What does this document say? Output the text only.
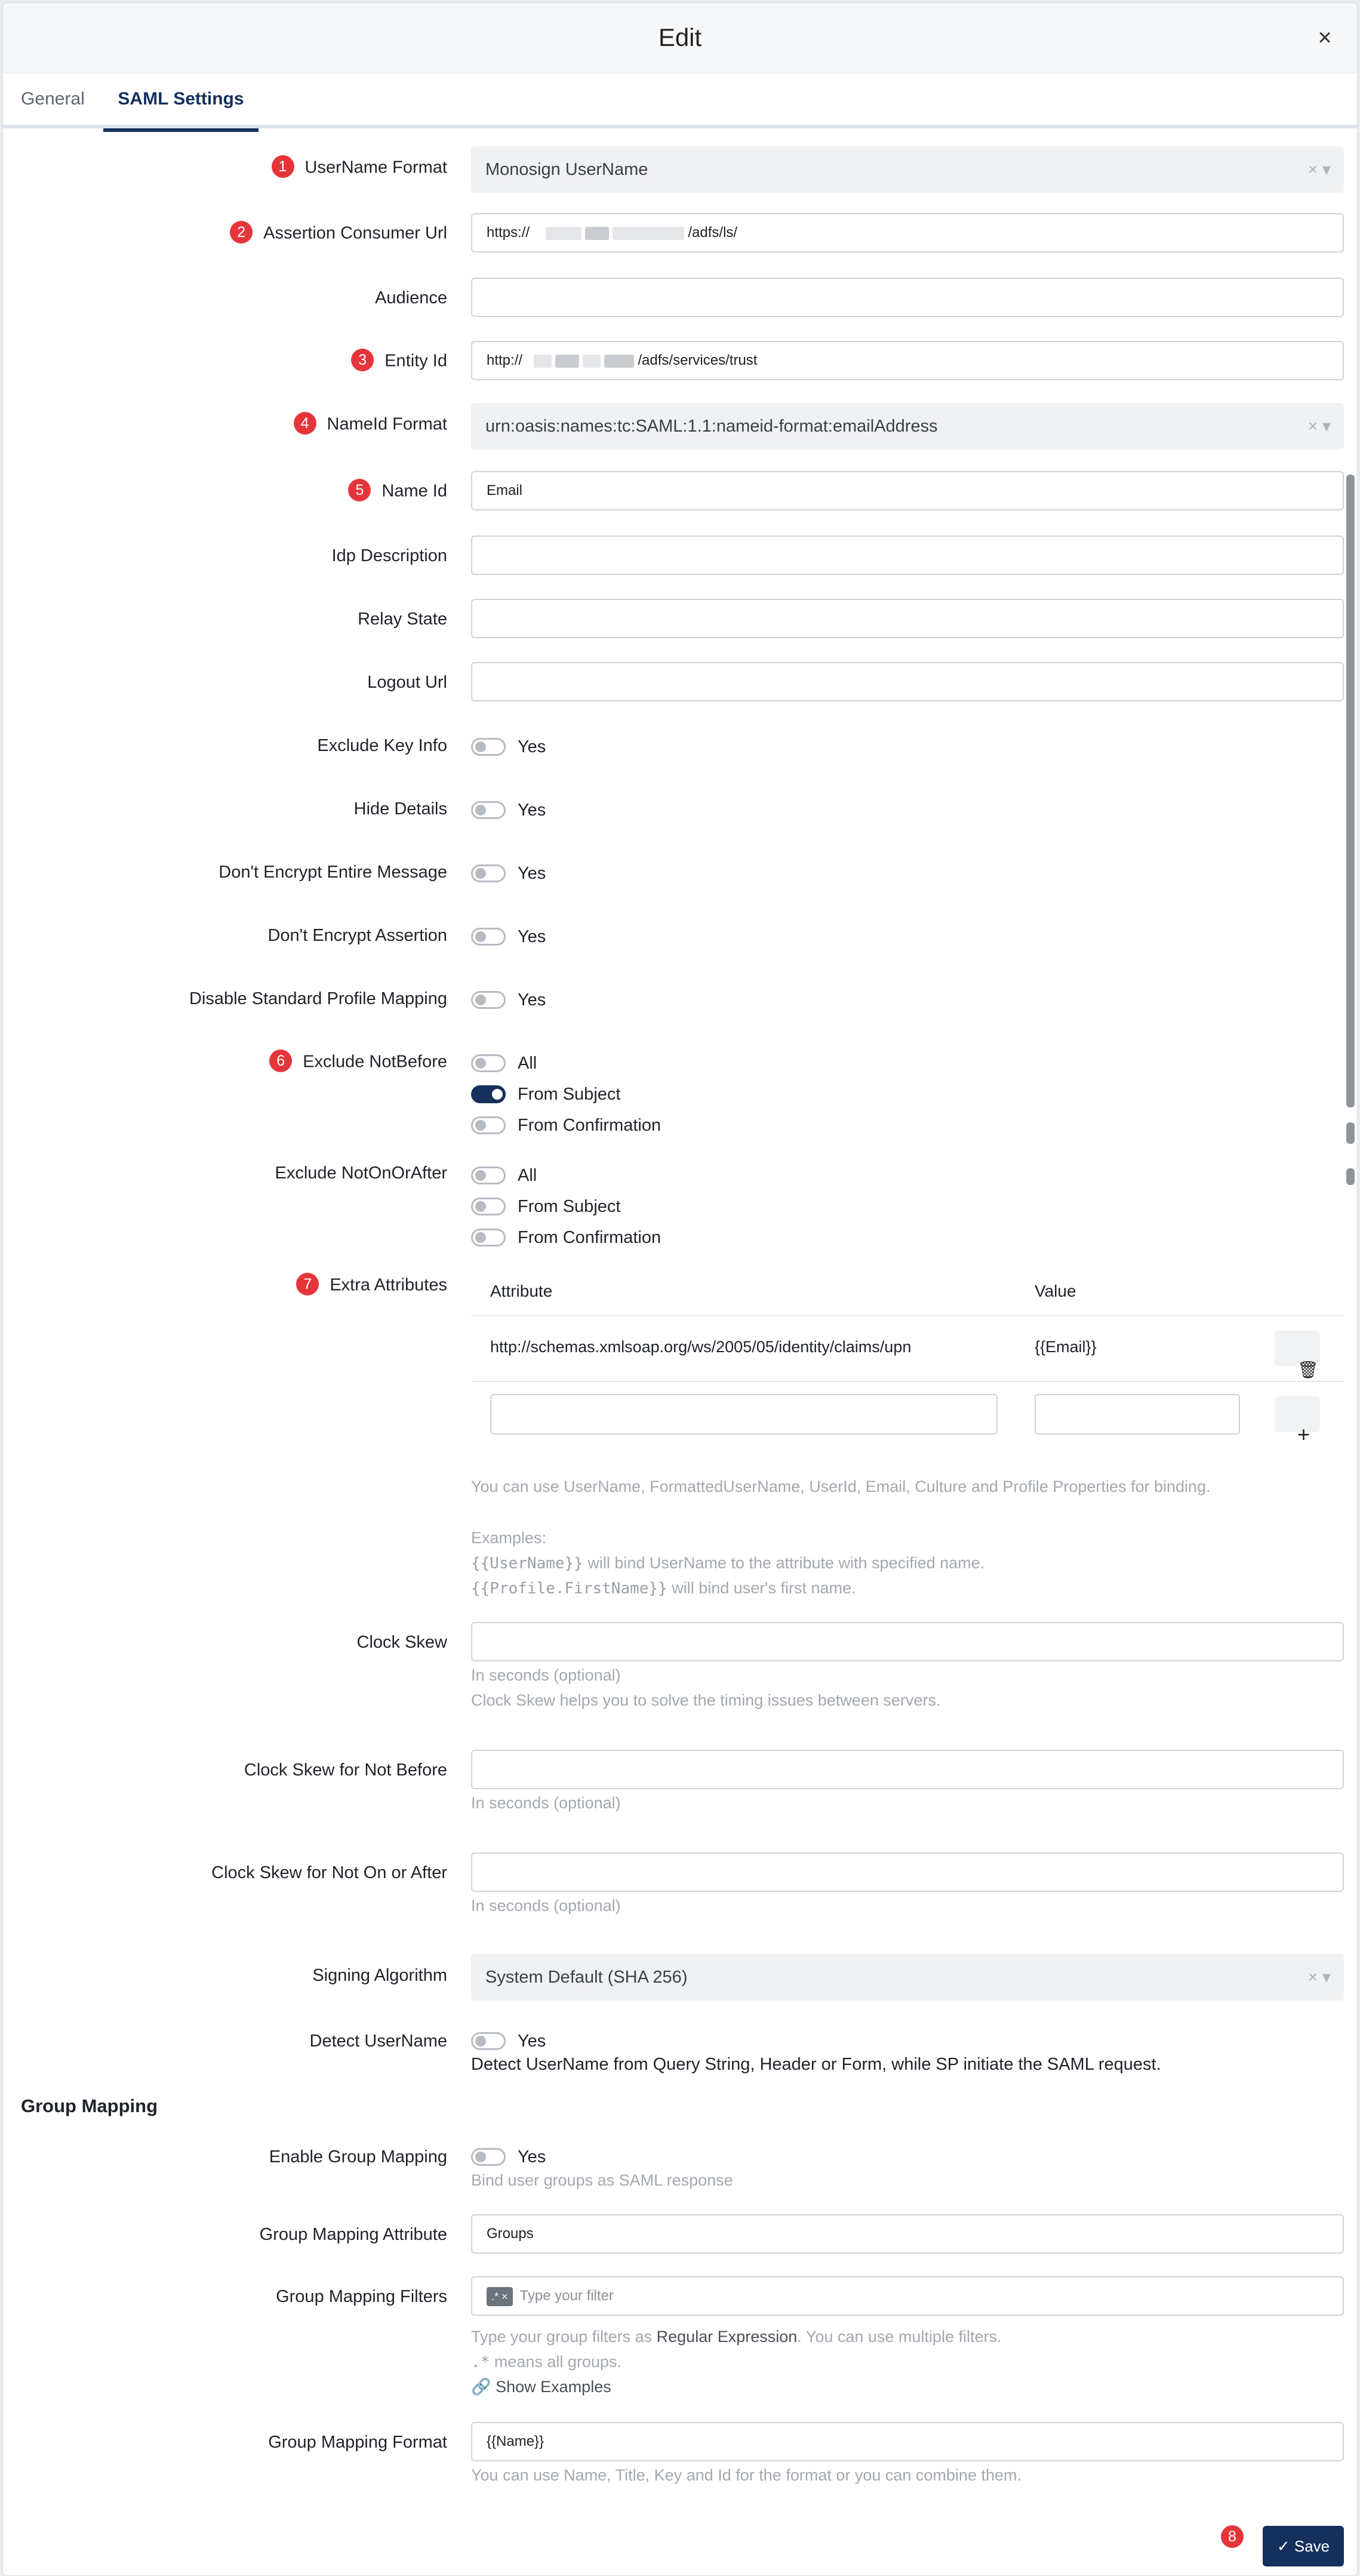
Edit	×
General	SAML Settings
1 UserName Format	Monosign UserName	× ▾
2 Assertion Consumer Url	https://	/adfs/ls/
Audience
3 Entity Id	http://	/adfs/services/trust
4 NameId Format	urn:oasis:names:tc:SAML:1.1:nameid-format:emailAddress	× ▾
5 Name Id	Email
Idp Description
Relay State
Logout Url
Exclude Key Info	Yes
Hide Details	Yes
Don't Encrypt Entire Message	Yes
Don't Encrypt Assertion	Yes
Disable Standard Profile Mapping	Yes
6 Exclude NotBefore	All
From Subject
From Confirmation
Exclude NotOnOrAfter	All
From Subject
From Confirmation
7 Extra Attributes	Attribute	Value
http://schemas.xmlsoap.org/ws/2005/05/identity/claims/upn	{{Email}}
🗑
+
You can use UserName, FormattedUserName, UserId, Email, Culture and Profile Properties for binding.
Examples:
{{UserName}} will bind UserName to the attribute with specified name.
{{Profile.FirstName}} will bind user's first name.
Clock Skew
In seconds (optional)
Clock Skew helps you to solve the timing issues between servers.
Clock Skew for Not Before
In seconds (optional)
Clock Skew for Not On or After
In seconds (optional)
Signing Algorithm	System Default (SHA 256)	× ▾
Detect UserName	Yes
Detect UserName from Query String, Header or Form, while SP initiate the SAML request.
Group Mapping
Enable Group Mapping	Yes
Bind user groups as SAML response
Group Mapping Attribute	Groups
Group Mapping Filters	.* × Type your filter
Type your group filters as Regular Expression. You can use multiple filters.
.* means all groups.
🔗 Show Examples
Group Mapping Format	{{Name}}
You can use Name, Title, Key and Id for the format or you can combine them.
8
✓ Save
